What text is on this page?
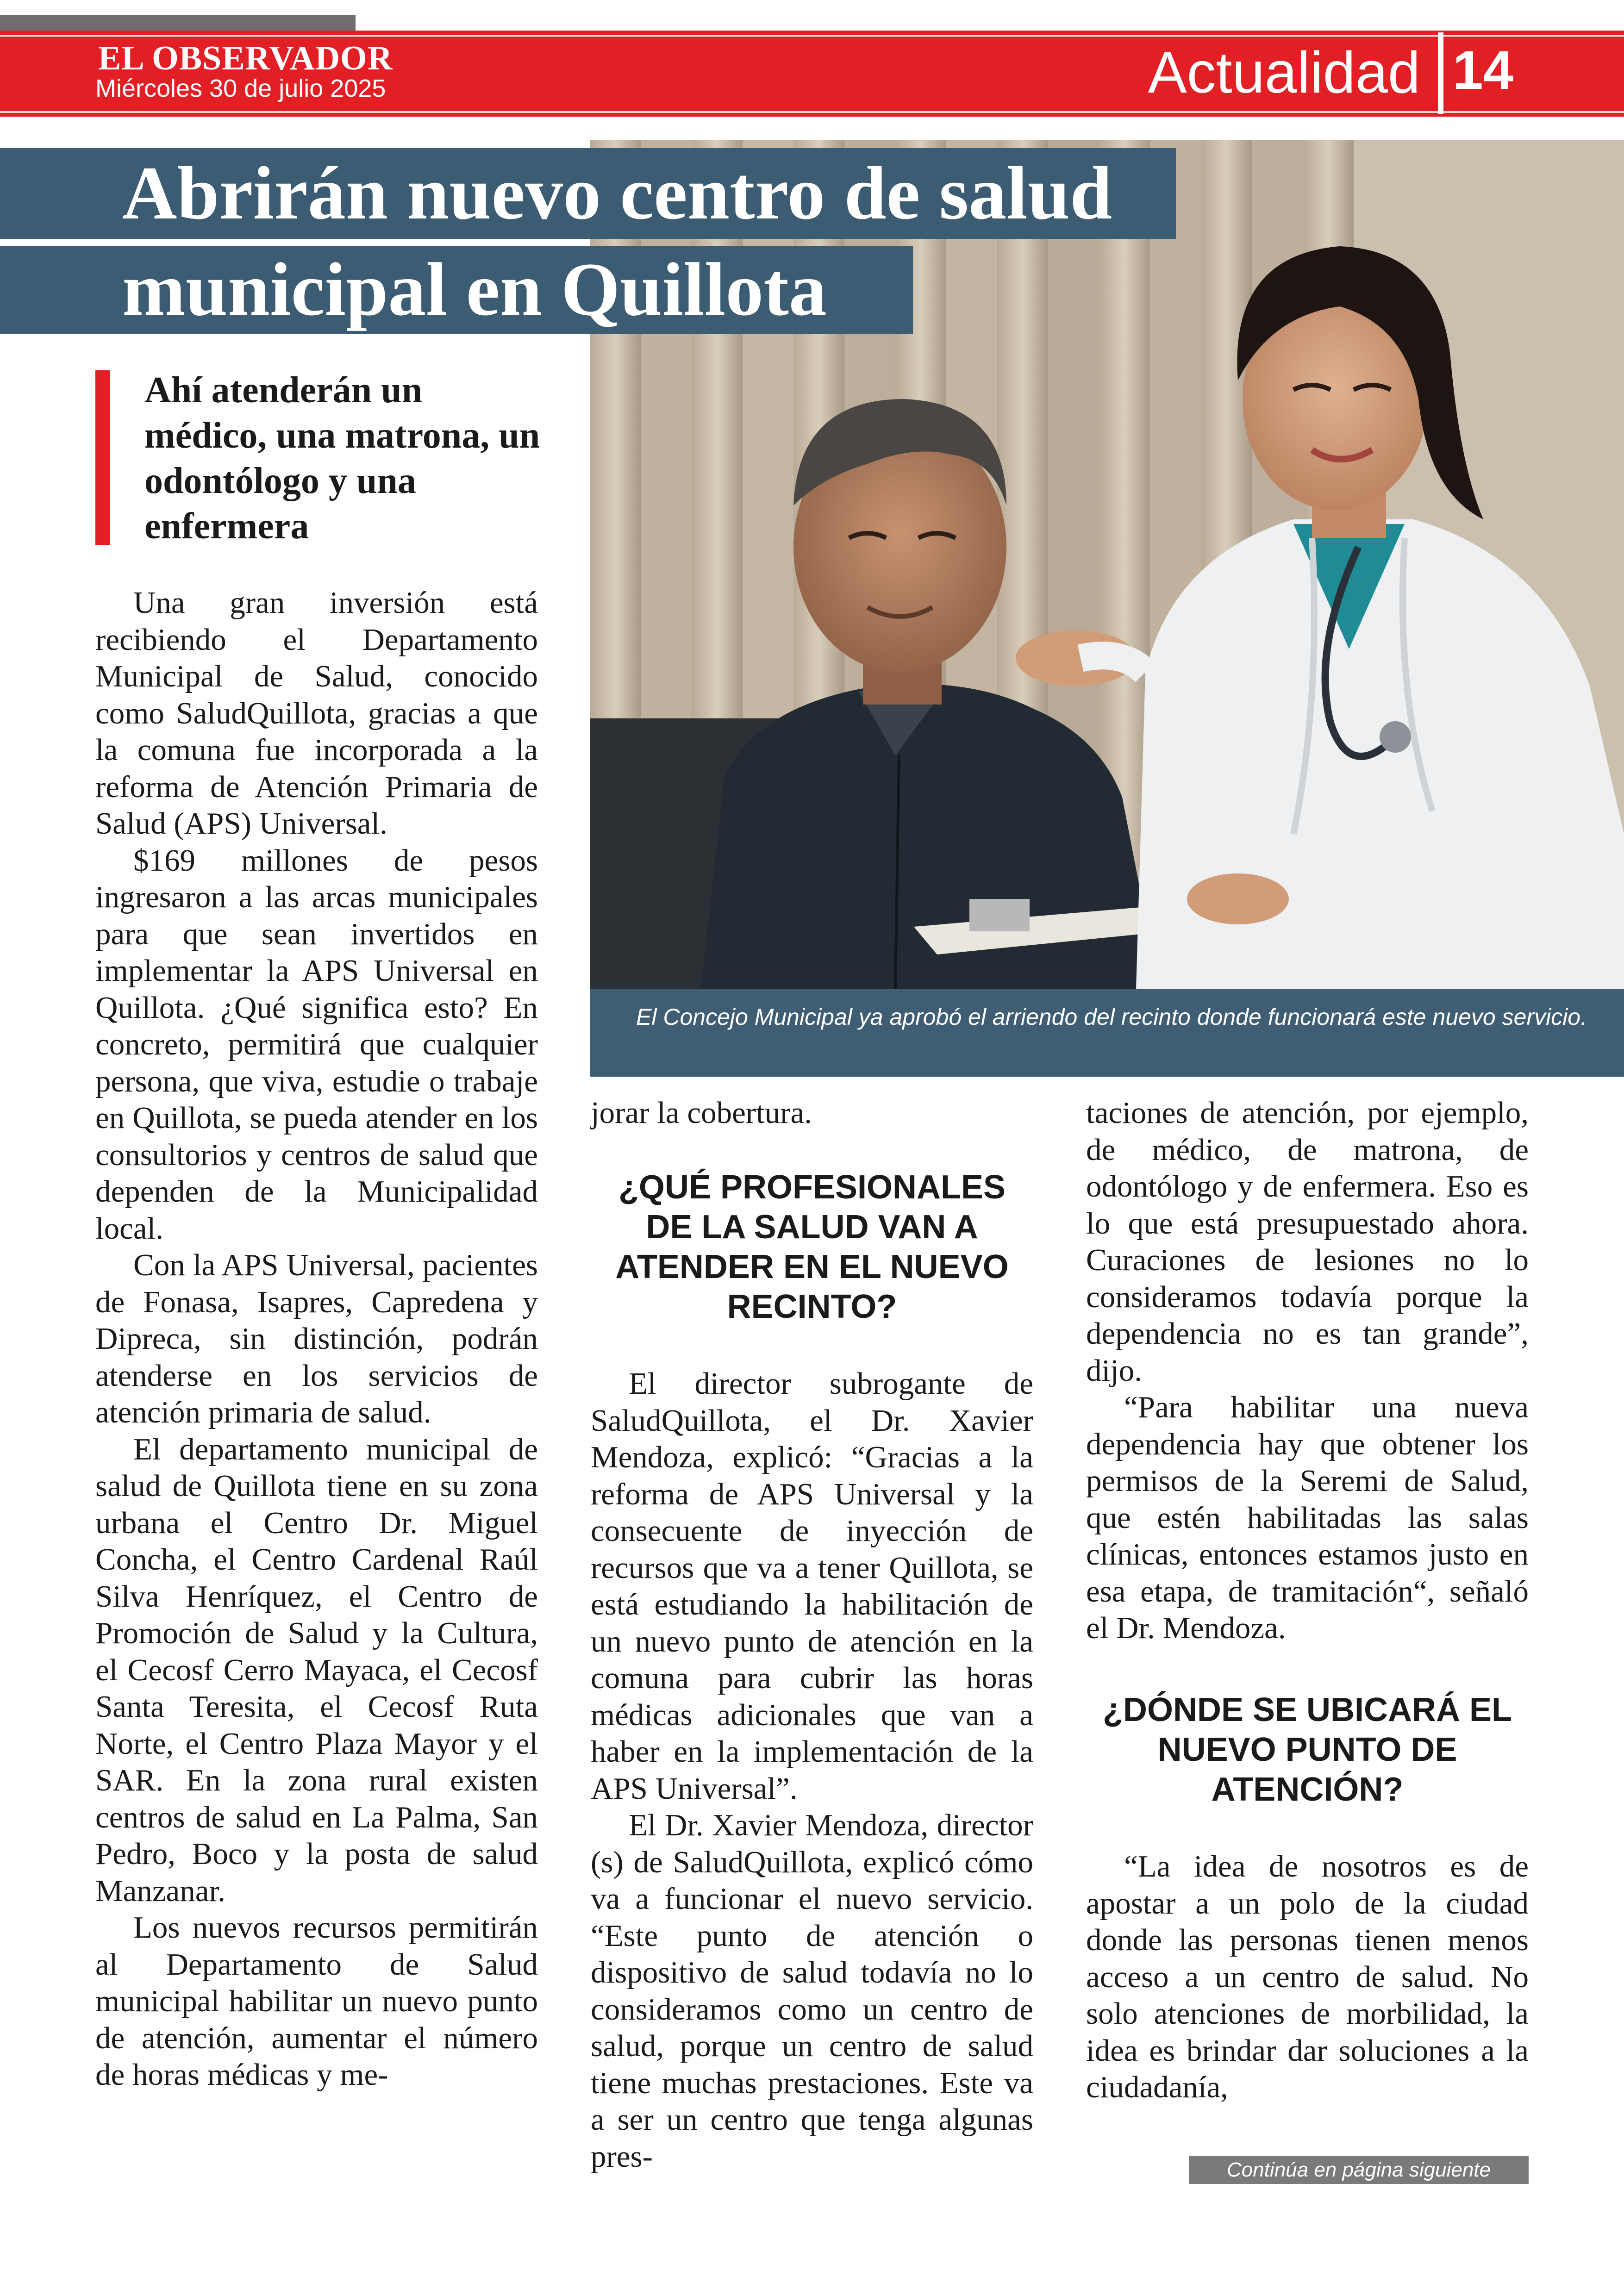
EL OBSERVADOR
Miércoles 30 de julio 2025	Actualidad 14
El Concejo Municipal ya aprobó el arriendo del recinto donde funcionará este nuevo servicio.
Abrirán nuevo centro de salud
municipal en Quillota
Ahí atenderán un médico, una matrona, un odontólogo y una enfermera

Una gran inversión está recibiendo el Departamento Municipal de Salud, conocido como SaludQuillota, gracias a que la comuna fue incorporada a la reforma de Atención Primaria de Salud (APS) Universal.

$169 millones de pesos ingresaron a las arcas municipales para que sean invertidos en implementar la APS Universal en Quillota. ¿Qué significa esto? En concreto, permitirá que cualquier persona, que viva, estudie o trabaje en Quillota, se pueda atender en los consultorios y centros de salud que dependen de la Municipalidad local.

Con la APS Universal, pacientes de Fonasa, Isapres, Capredena y Dipreca, sin distinción, podrán atenderse en los servicios de atención primaria de salud.

El departamento municipal de salud de Quillota tiene en su zona urbana el Centro Dr. Miguel Concha, el Centro Cardenal Raúl Silva Henríquez, el Centro de Promoción de Salud y la Cultura, el Cecosf Cerro Mayaca, el Cecosf Santa Teresita, el Cecosf Ruta Norte, el Centro Plaza Mayor y el SAR. En la zona rural existen centros de salud en La Palma, San Pedro, Boco y la posta de salud Manzanar.

Los nuevos recursos permitirán al Departamento de Salud municipal habilitar un nuevo punto de atención, aumentar el número de horas médicas y me-

jorar la cobertura.

¿QUÉ PROFESIONALES DE LA SALUD VAN A ATENDER EN EL NUEVO RECINTO?

El director subrogante de SaludQuillota, el Dr. Xavier Mendoza, explicó: “Gracias a la reforma de APS Universal y la consecuente de inyección de recursos que va a tener Quillota, se está estudiando la habilitación de un nuevo punto de atención en la comuna para cubrir las horas médicas adicionales que van a haber en la implementación de la APS Universal”.

El Dr. Xavier Mendoza, director (s) de SaludQuillota, explicó cómo va a funcionar el nuevo servicio. “Este punto de atención o dispositivo de salud todavía no lo consideramos como un centro de salud, porque un centro de salud tiene muchas prestaciones. Este va a ser un centro que tenga algunas pres-

taciones de atención, por ejemplo, de médico, de matrona, de odontólogo y de enfermera. Eso es lo que está presupuestado ahora. Curaciones de lesiones no lo consideramos todavía porque la dependencia no es tan grande”, dijo.

“Para habilitar una nueva dependencia hay que obtener los permisos de la Seremi de Salud, que estén habilitadas las salas clínicas, entonces estamos justo en esa etapa, de tramitación“, señaló el Dr. Mendoza.

¿DÓNDE SE UBICARÁ EL NUEVO PUNTO DE ATENCIÓN?

“La idea de nosotros es de apostar a un polo de la ciudad donde las personas tienen menos acceso a un centro de salud. No solo atenciones de morbilidad, la idea es brindar dar soluciones a la ciudadanía,

Continúa en página siguiente
